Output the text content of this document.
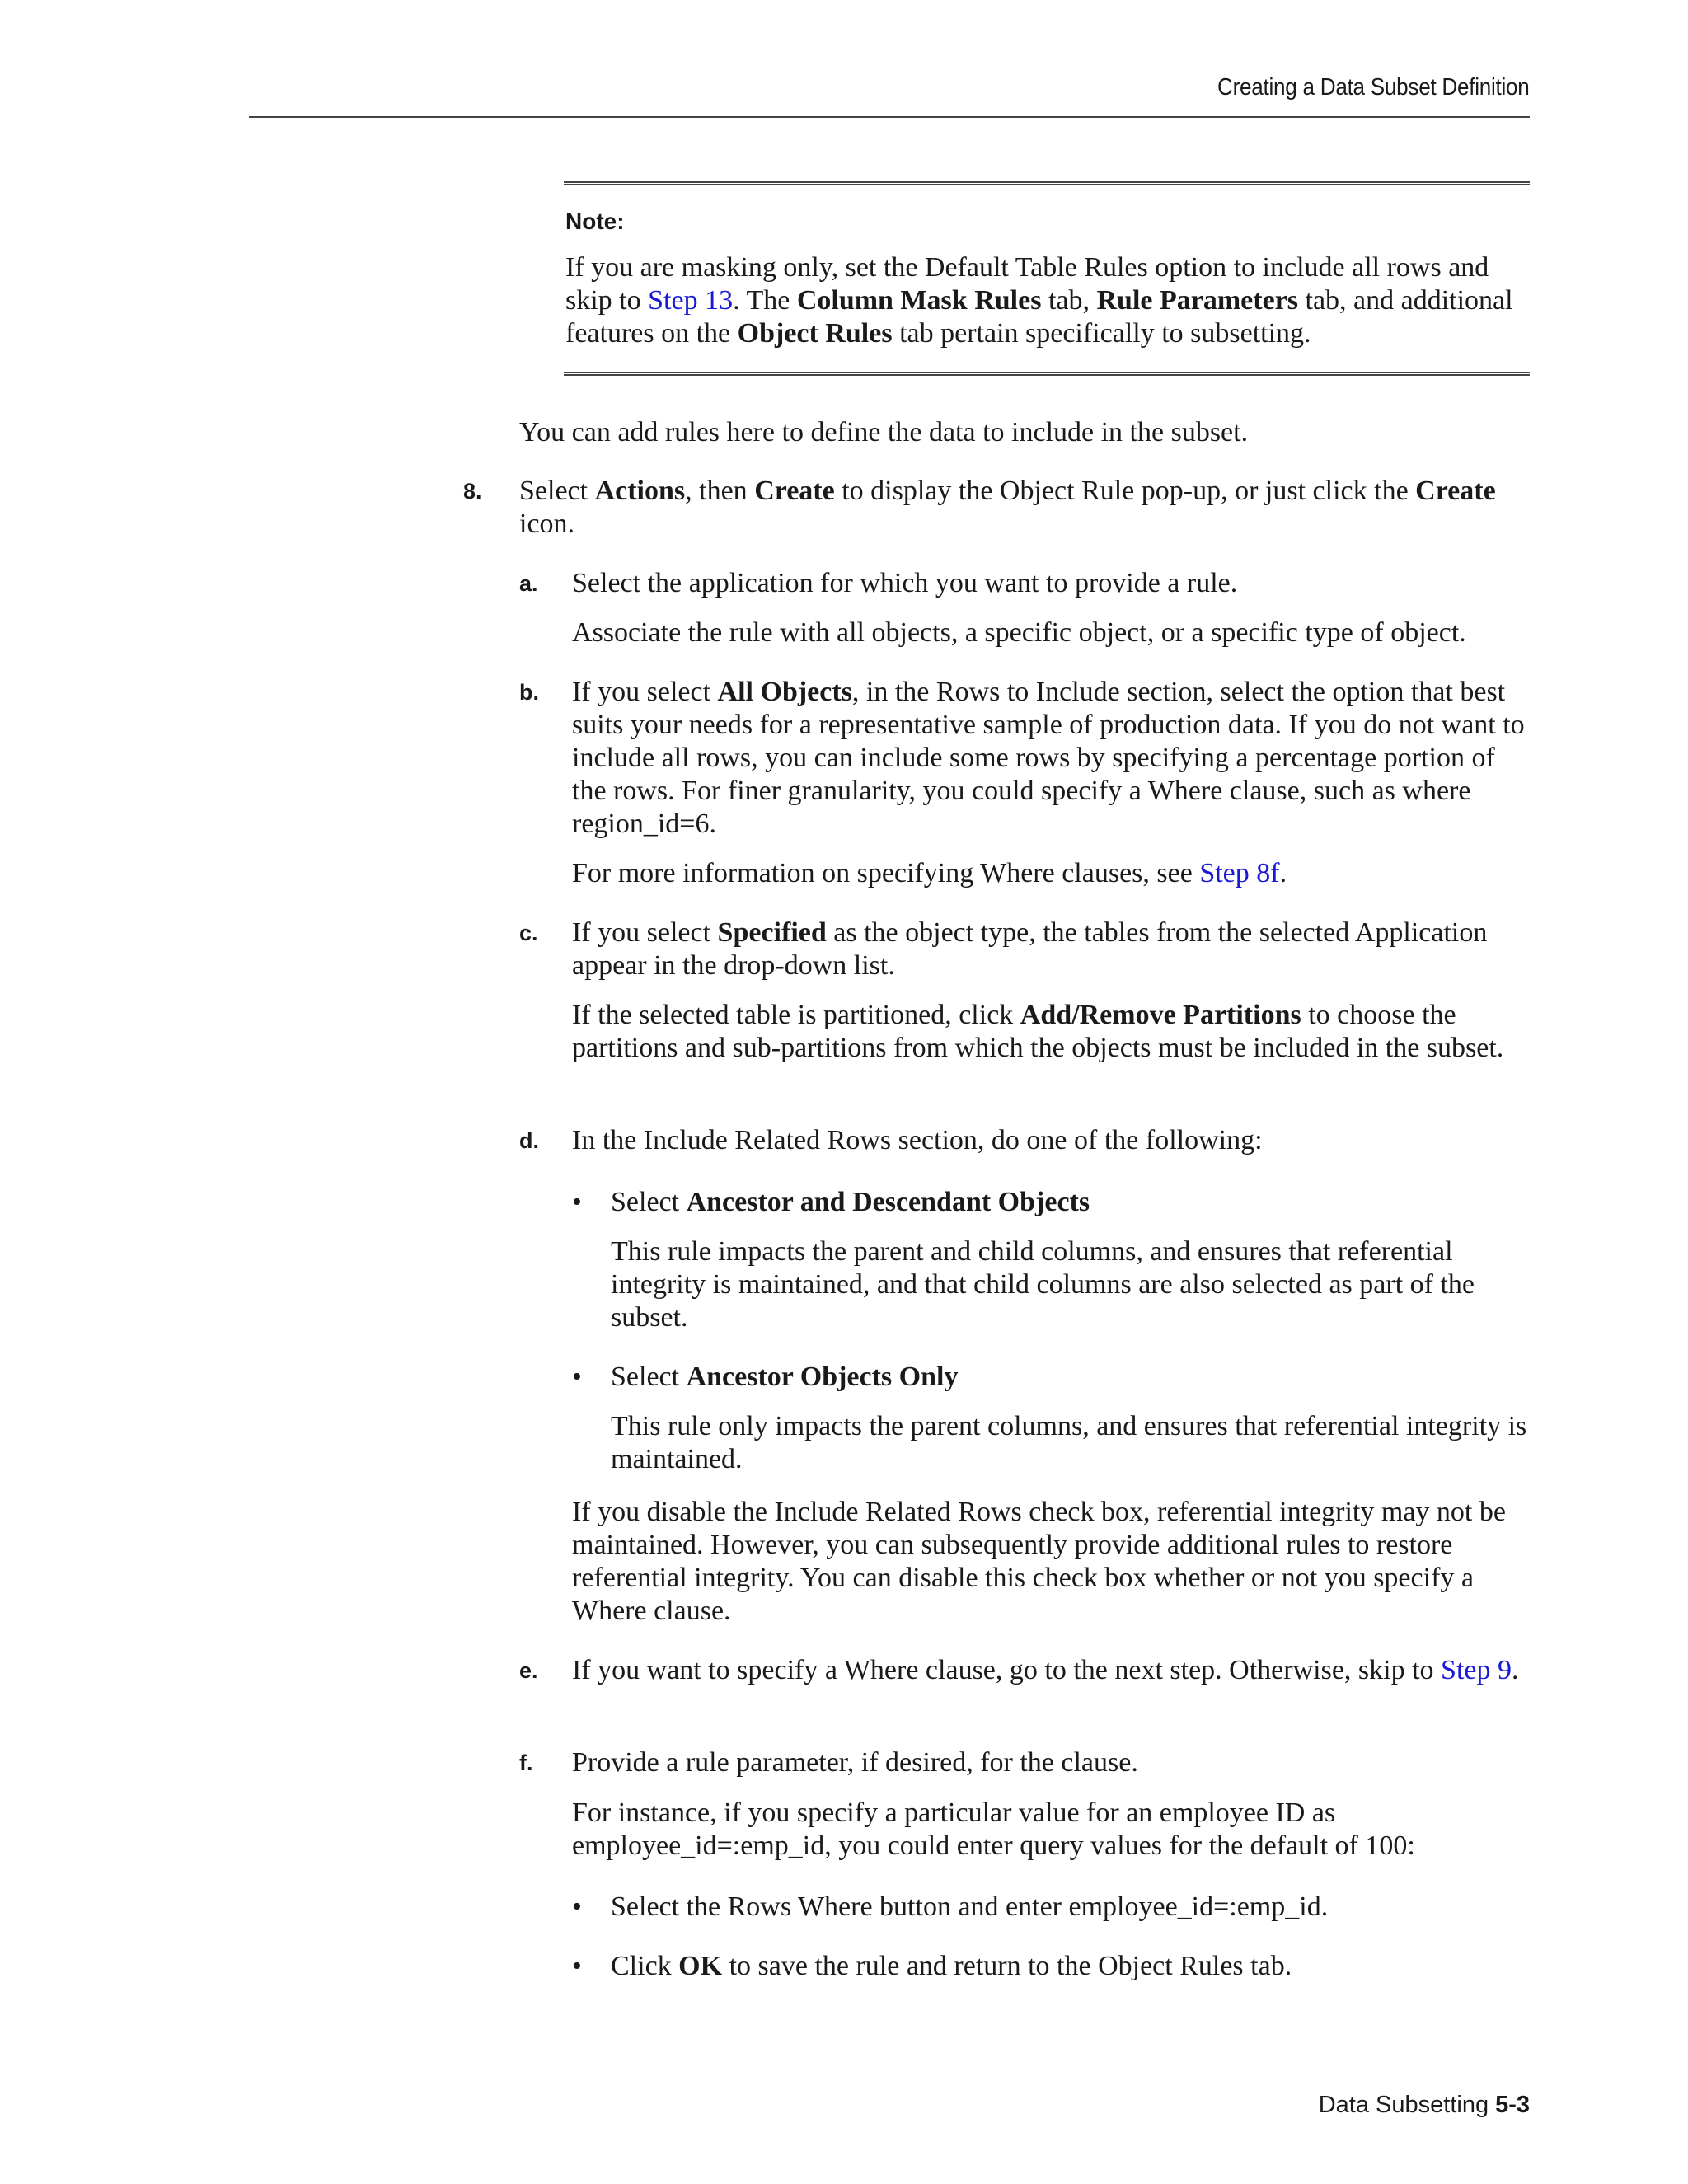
Creating a Data Subset Definition
Note:

If you are masking only, set the Default Table Rules option to include all rows and skip to Step 13. The Column Mask Rules tab, Rule Parameters tab, and additional features on the Object Rules tab pertain specifically to subsetting.

You can add rules here to define the data to include in the subset.

8. Select Actions, then Create to display the Object Rule pop-up, or just click the Create icon.

a. Select the application for which you want to provide a rule.

Associate the rule with all objects, a specific object, or a specific type of object.

b. If you select All Objects, in the Rows to Include section, select the option that best suits your needs for a representative sample of production data. If you do not want to include all rows, you can include some rows by specifying a percentage portion of the rows. For finer granularity, you could specify a Where clause, such as where region_id=6.

For more information on specifying Where clauses, see Step 8f.

c. If you select Specified as the object type, the tables from the selected Application appear in the drop-down list.

If the selected table is partitioned, click Add/Remove Partitions to choose the partitions and sub-partitions from which the objects must be included in the subset.

d. In the Include Related Rows section, do one of the following:

• Select Ancestor and Descendant Objects

This rule impacts the parent and child columns, and ensures that referential integrity is maintained, and that child columns are also selected as part of the subset.

• Select Ancestor Objects Only

This rule only impacts the parent columns, and ensures that referential integrity is maintained.

If you disable the Include Related Rows check box, referential integrity may not be maintained. However, you can subsequently provide additional rules to restore referential integrity. You can disable this check box whether or not you specify a Where clause.

e. If you want to specify a Where clause, go to the next step. Otherwise, skip to Step 9.

f. Provide a rule parameter, if desired, for the clause.

For instance, if you specify a particular value for an employee ID as employee_id=:emp_id, you could enter query values for the default of 100:

• Select the Rows Where button and enter employee_id=:emp_id.

• Click OK to save the rule and return to the Object Rules tab.

Data Subsetting 5-3
